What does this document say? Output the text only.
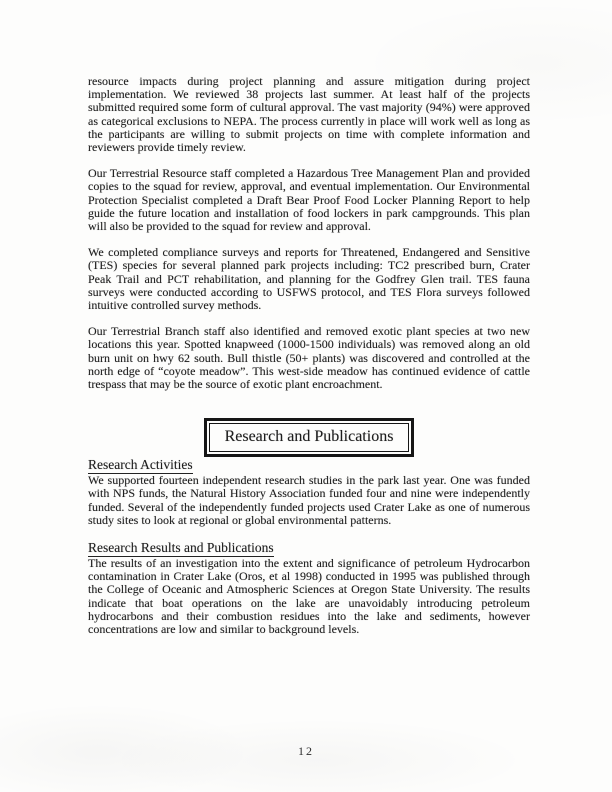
resource impacts during project planning and assure mitigation during project implementation. We reviewed 38 projects last summer. At least half of the projects submitted required some form of cultural approval. The vast majority (94%) were approved as categorical exclusions to NEPA. The process currently in place will work well as long as the participants are willing to submit projects on time with complete information and reviewers provide timely review.

Our Terrestrial Resource staff completed a Hazardous Tree Management Plan and provided copies to the squad for review, approval, and eventual implementation. Our Environmental Protection Specialist completed a Draft Bear Proof Food Locker Planning Report to help guide the future location and installation of food lockers in park campgrounds. This plan will also be provided to the squad for review and approval.

We completed compliance surveys and reports for Threatened, Endangered and Sensitive (TES) species for several planned park projects including: TC2 prescribed burn, Crater Peak Trail and PCT rehabilitation, and planning for the Godfrey Glen trail. TES fauna surveys were conducted according to USFWS protocol, and TES Flora surveys followed intuitive controlled survey methods.

Our Terrestrial Branch staff also identified and removed exotic plant species at two new locations this year. Spotted knapweed (1000-1500 individuals) was removed along an old burn unit on hwy 62 south. Bull thistle (50+ plants) was discovered and controlled at the north edge of “coyote meadow”. This west-side meadow has continued evidence of cattle trespass that may be the source of exotic plant encroachment.

Research and Publications
Research Activities

We supported fourteen independent research studies in the park last year. One was funded with NPS funds, the Natural History Association funded four and nine were independently funded. Several of the independently funded projects used Crater Lake as one of numerous study sites to look at regional or global environmental patterns.

Research Results and Publications

The results of an investigation into the extent and significance of petroleum Hydrocarbon contamination in Crater Lake (Oros, et al 1998) conducted in 1995 was published through the College of Oceanic and Atmospheric Sciences at Oregon State University. The results indicate that boat operations on the lake are unavoidably introducing petroleum hydrocarbons and their combustion residues into the lake and sediments, however concentrations are low and similar to background levels.

12
